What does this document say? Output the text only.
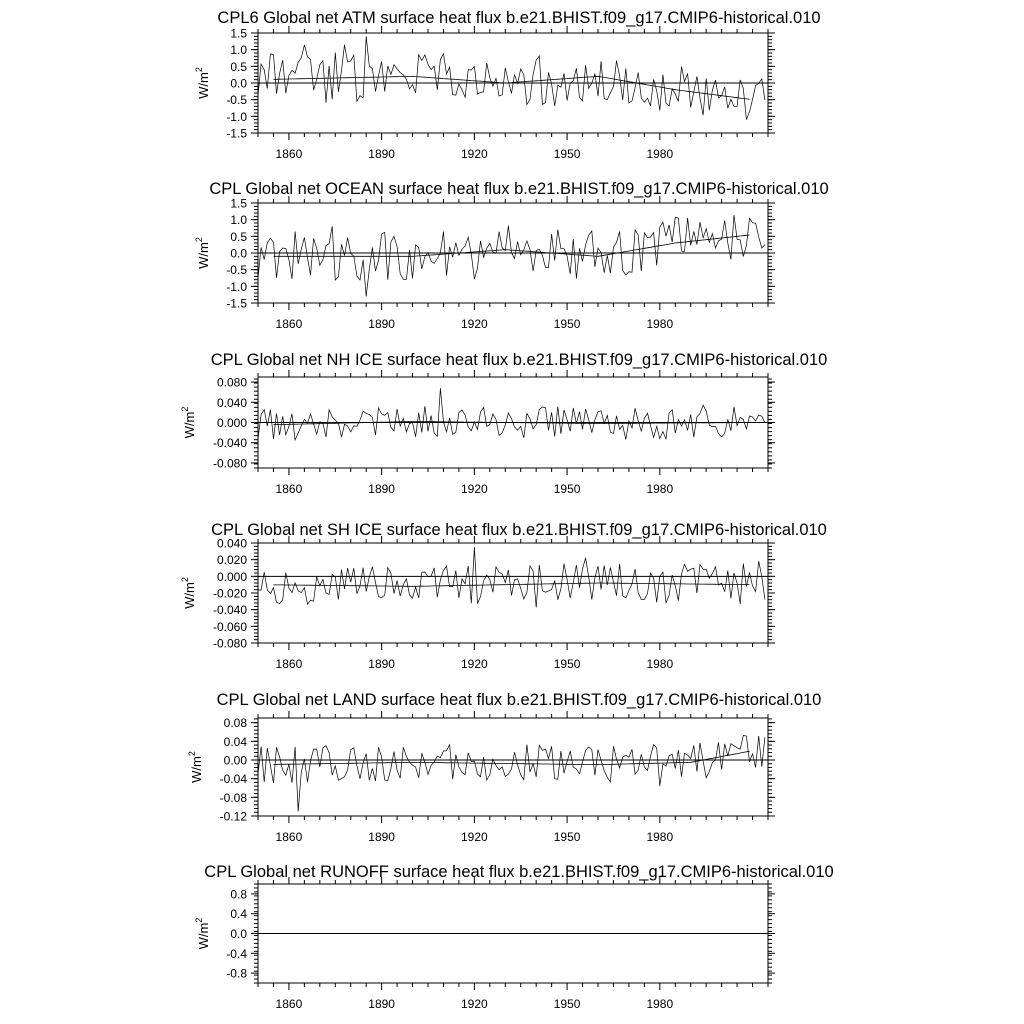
CPL6 Global net ATM surface heat flux b.e21.BHIST.f09_g17.CMIP6-historical.010
1860	1890	1920	1950	1980
1.5
1.0
0.5
0.0
-0.5
-1.0
-1.5
$W/m^2$
CPL Global net OCEAN surface heat flux b.e21.BHIST.f09_g17.CMIP6-historical.010
1860	1890	1920	1950	1980
1.5
1.0
0.5
0.0
-0.5
-1.0
-1.5
$W/m^2$
CPL Global net NH ICE surface heat flux b.e21.BHIST.f09_g17.CMIP6-historical.010
1860	1890	1920	1950	1980
0.080
0.040
0.000
-0.040
-0.080
$W/m^2$
CPL Global net SH ICE surface heat flux b.e21.BHIST.f09_g17.CMIP6-historical.010
1860	1890	1920	1950	1980
0.040
0.020
0.000
-0.020
-0.040
-0.060
-0.080
$W/m^2$
CPL Global net LAND surface heat flux b.e21.BHIST.f09_g17.CMIP6-historical.010
1860	1890	1920	1950	1980
0.08
0.04
0.00
-0.04
-0.08
-0.12
$W/m^2$
CPL Global net RUNOFF surface heat flux b.e21.BHIST.f09_g17.CMIP6-historical.010
1860	1890	1920	1950	1980
0.8
0.4
0.0
-0.4
-0.8
$W/m^2$
